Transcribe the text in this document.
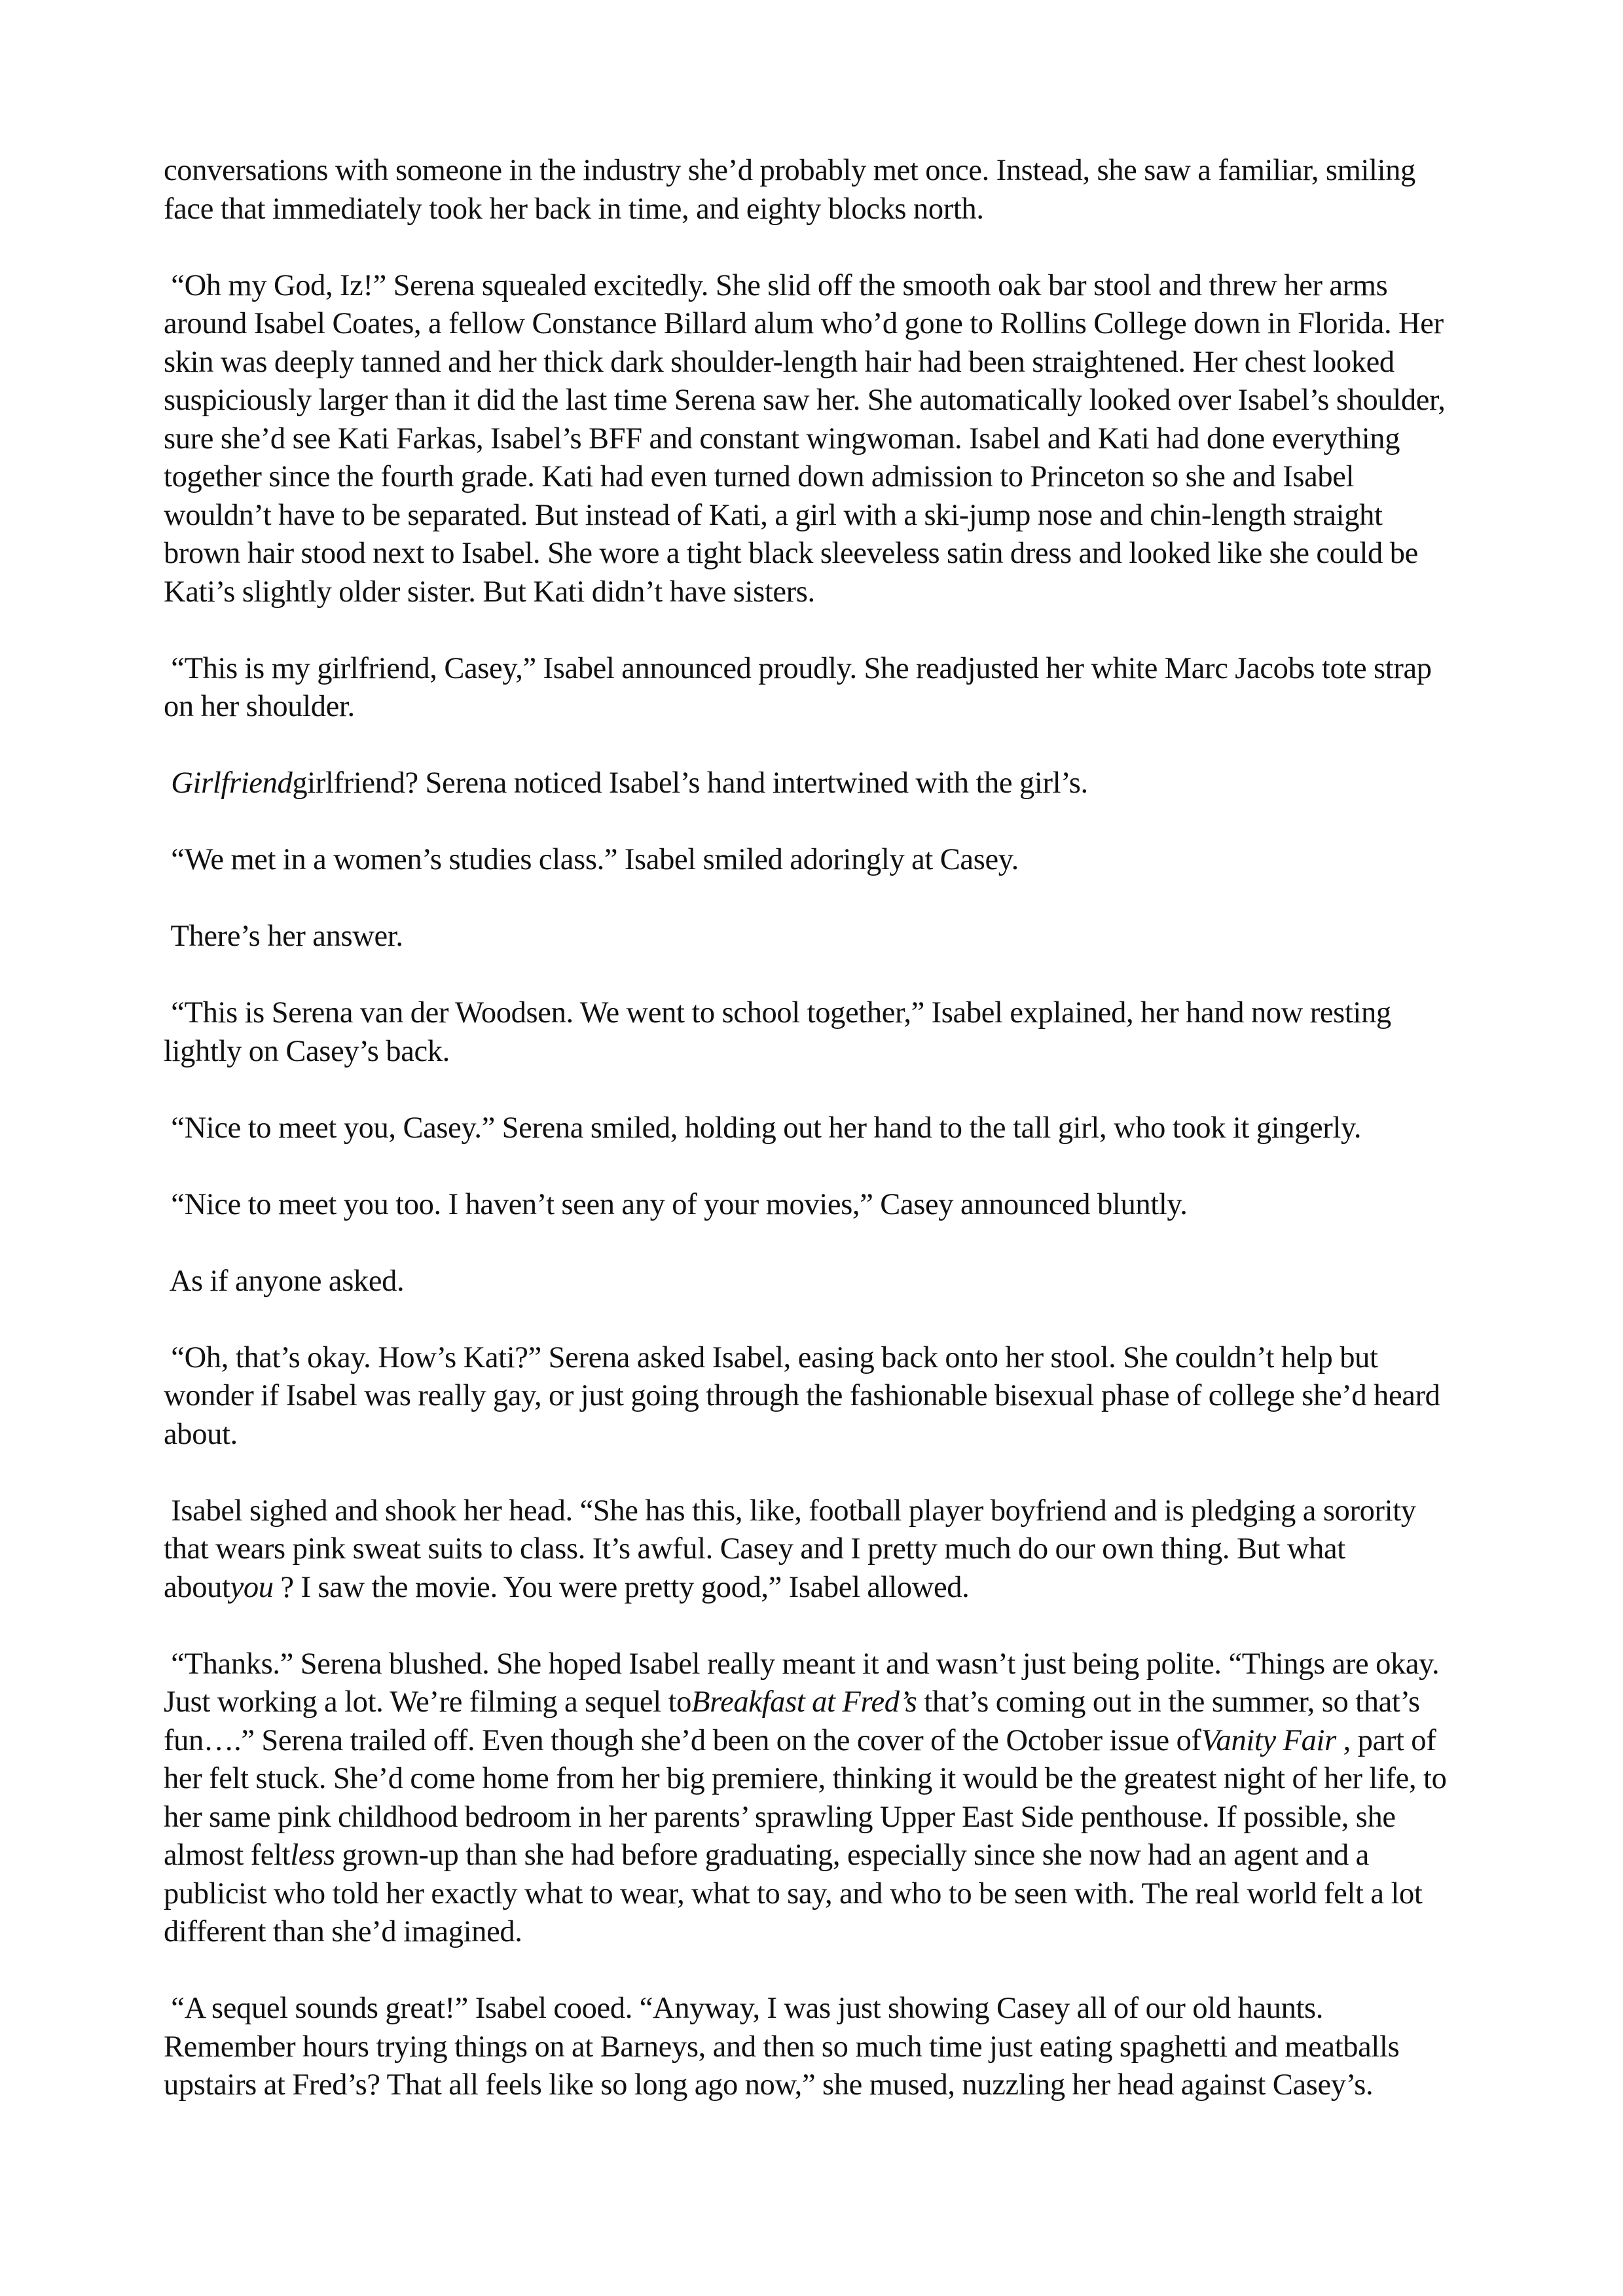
conversations with someone in the industry she’d probably met once. Instead, she saw a familiar, smiling face that immediately took her back in time, and eighty blocks north.

“Oh my God, Iz!” Serena squealed excitedly. She slid off the smooth oak bar stool and threw her arms around Isabel Coates, a fellow Constance Billard alum who’d gone to Rollins College down in Florida. Her skin was deeply tanned and her thick dark shoulder-length hair had been straightened. Her chest looked suspiciously larger than it did the last time Serena saw her. She automatically looked over Isabel’s shoulder, sure she’d see Kati Farkas, Isabel’s BFF and constant wingwoman. Isabel and Kati had done everything together since the fourth grade. Kati had even turned down admission to Princeton so she and Isabel wouldn’t have to be separated. But instead of Kati, a girl with a ski-jump nose and chin-length straight brown hair stood next to Isabel. She wore a tight black sleeveless satin dress and looked like she could be Kati’s slightly older sister. But Kati didn’t have sisters.

“This is my girlfriend, Casey,” Isabel announced proudly. She readjusted her white Marc Jacobs tote strap on her shoulder.

Girlfriendgirlfriend? Serena noticed Isabel’s hand intertwined with the girl’s.

“We met in a women’s studies class.” Isabel smiled adoringly at Casey.

There’s her answer.

“This is Serena van der Woodsen. We went to school together,” Isabel explained, her hand now resting lightly on Casey’s back.

“Nice to meet you, Casey.” Serena smiled, holding out her hand to the tall girl, who took it gingerly.

“Nice to meet you too. I haven’t seen any of your movies,” Casey announced bluntly.

As if anyone asked.

“Oh, that’s okay. How’s Kati?” Serena asked Isabel, easing back onto her stool. She couldn’t help but wonder if Isabel was really gay, or just going through the fashionable bisexual phase of college she’d heard about.

Isabel sighed and shook her head. “She has this, like, football player boyfriend and is pledging a sorority that wears pink sweat suits to class. It’s awful. Casey and I pretty much do our own thing. But what aboutyou ? I saw the movie. You were pretty good,” Isabel allowed.

“Thanks.” Serena blushed. She hoped Isabel really meant it and wasn’t just being polite. “Things are okay. Just working a lot. We’re filming a sequel toBreakfast at Fred’s that’s coming out in the summer, so that’s fun….” Serena trailed off. Even though she’d been on the cover of the October issue ofVanity Fair , part of her felt stuck. She’d come home from her big premiere, thinking it would be the greatest night of her life, to her same pink childhood bedroom in her parents’ sprawling Upper East Side penthouse. If possible, she almost feltless grown-up than she had before graduating, especially since she now had an agent and a publicist who told her exactly what to wear, what to say, and who to be seen with. The real world felt a lot different than she’d imagined.

“A sequel sounds great!” Isabel cooed. “Anyway, I was just showing Casey all of our old haunts. Remember hours trying things on at Barneys, and then so much time just eating spaghetti and meatballs upstairs at Fred’s? That all feels like so long ago now,” she mused, nuzzling her head against Casey’s.
